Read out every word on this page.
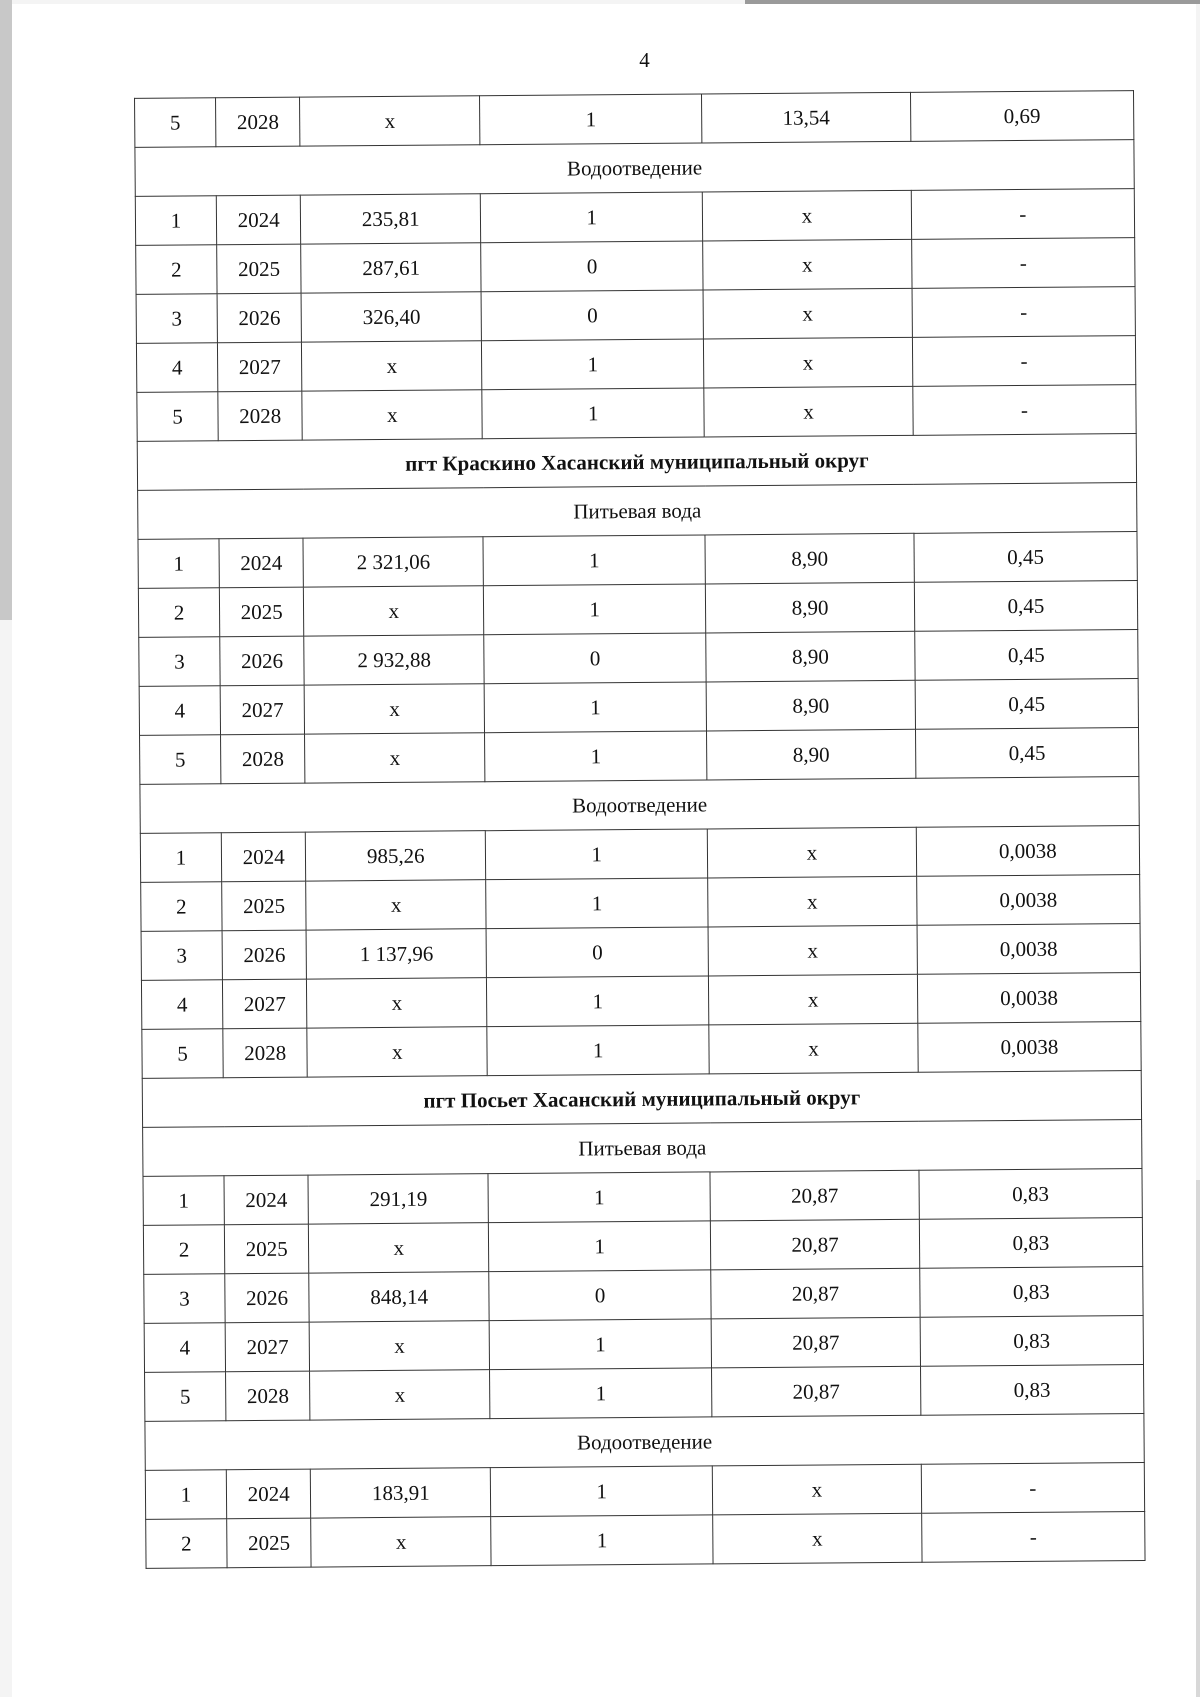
4
5	2028	x	1	13,54	0,69
Водоотведение					
1	2024	235,81	1	x	-
2	2025	287,61	0	x	-
3	2026	326,40	0	x	-
4	2027	x	1	x	-
5	2028	x	1	x	-
пгт Краскино Хасанский муниципальный округ					
Питьевая вода					
1	2024	2 321,06	1	8,90	0,45
2	2025	x	1	8,90	0,45
3	2026	2 932,88	0	8,90	0,45
4	2027	x	1	8,90	0,45
5	2028	x	1	8,90	0,45
Водоотведение					
1	2024	985,26	1	x	0,0038
2	2025	x	1	x	0,0038
3	2026	1 137,96	0	x	0,0038
4	2027	x	1	x	0,0038
5	2028	x	1	x	0,0038
пгт Посьет Хасанский муниципальный округ					
Питьевая вода					
1	2024	291,19	1	20,87	0,83
2	2025	x	1	20,87	0,83
3	2026	848,14	0	20,87	0,83
4	2027	x	1	20,87	0,83
5	2028	x	1	20,87	0,83
Водоотведение					
1	2024	183,91	1	x	-
2	2025	x	1	x	-
